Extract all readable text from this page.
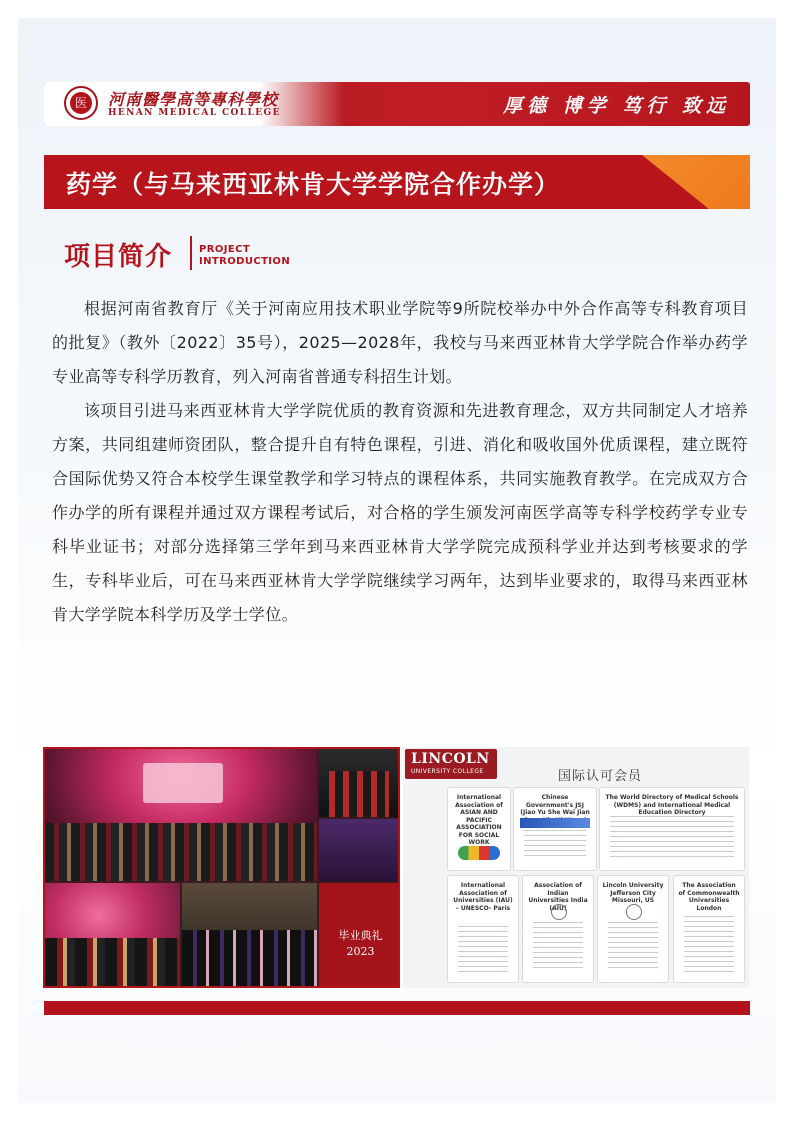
医	河南醫學高等專科學校
HENAN MEDICAL COLLEGE	厚德 博学 笃行 致远
药学（与马来西亚林肯大学学院合作办学）
项目简介	PROJECT
INTRODUCTION

根据河南省教育厅《关于河南应用技术职业学院等9所院校举办中外合作高等专科教育项目的批复》（教外〔2022〕35号），2025—2028年，我校与马来西亚林肯大学学院合作举办药学专业高等专科学历教育，列入河南省普通专科招生计划。

该项目引进马来西亚林肯大学学院优质的教育资源和先进教育理念，双方共同制定人才培养方案，共同组建师资团队，整合提升自有特色课程，引进、消化和吸收国外优质课程，建立既符合国际优势又符合本校学生课堂教学和学习特点的课程体系，共同实施教育教学。在完成双方合作办学的所有课程并通过双方课程考试后，对合格的学生颁发河南医学高等专科学校药学专业专科毕业证书；对部分选择第三学年到马来西亚林肯大学学院完成预科学业并达到考核要求的学生，专科毕业后，可在马来西亚林肯大学学院继续学习两年，达到毕业要求的，取得马来西亚林肯大学学院本科学历及学士学位。

毕业典礼
2023
LINCOLN
UNIVERSITY COLLEGE	国际认可会员
International Association of ASIAN AND PACIFIC ASSOCIATION FOR SOCIAL WORK
Chinese Government's JSJ (Jiao Yu She Wai Jian
The World Directory of Medical Schools (WDMS) and International Medical Education Directory
International Association of Universities (IAU) – UNESCO- Paris
Association of Indian Universities India (AIU)
Lincoln University Jefferson City Missouri, US
The Association of Commonwealth Universities London
